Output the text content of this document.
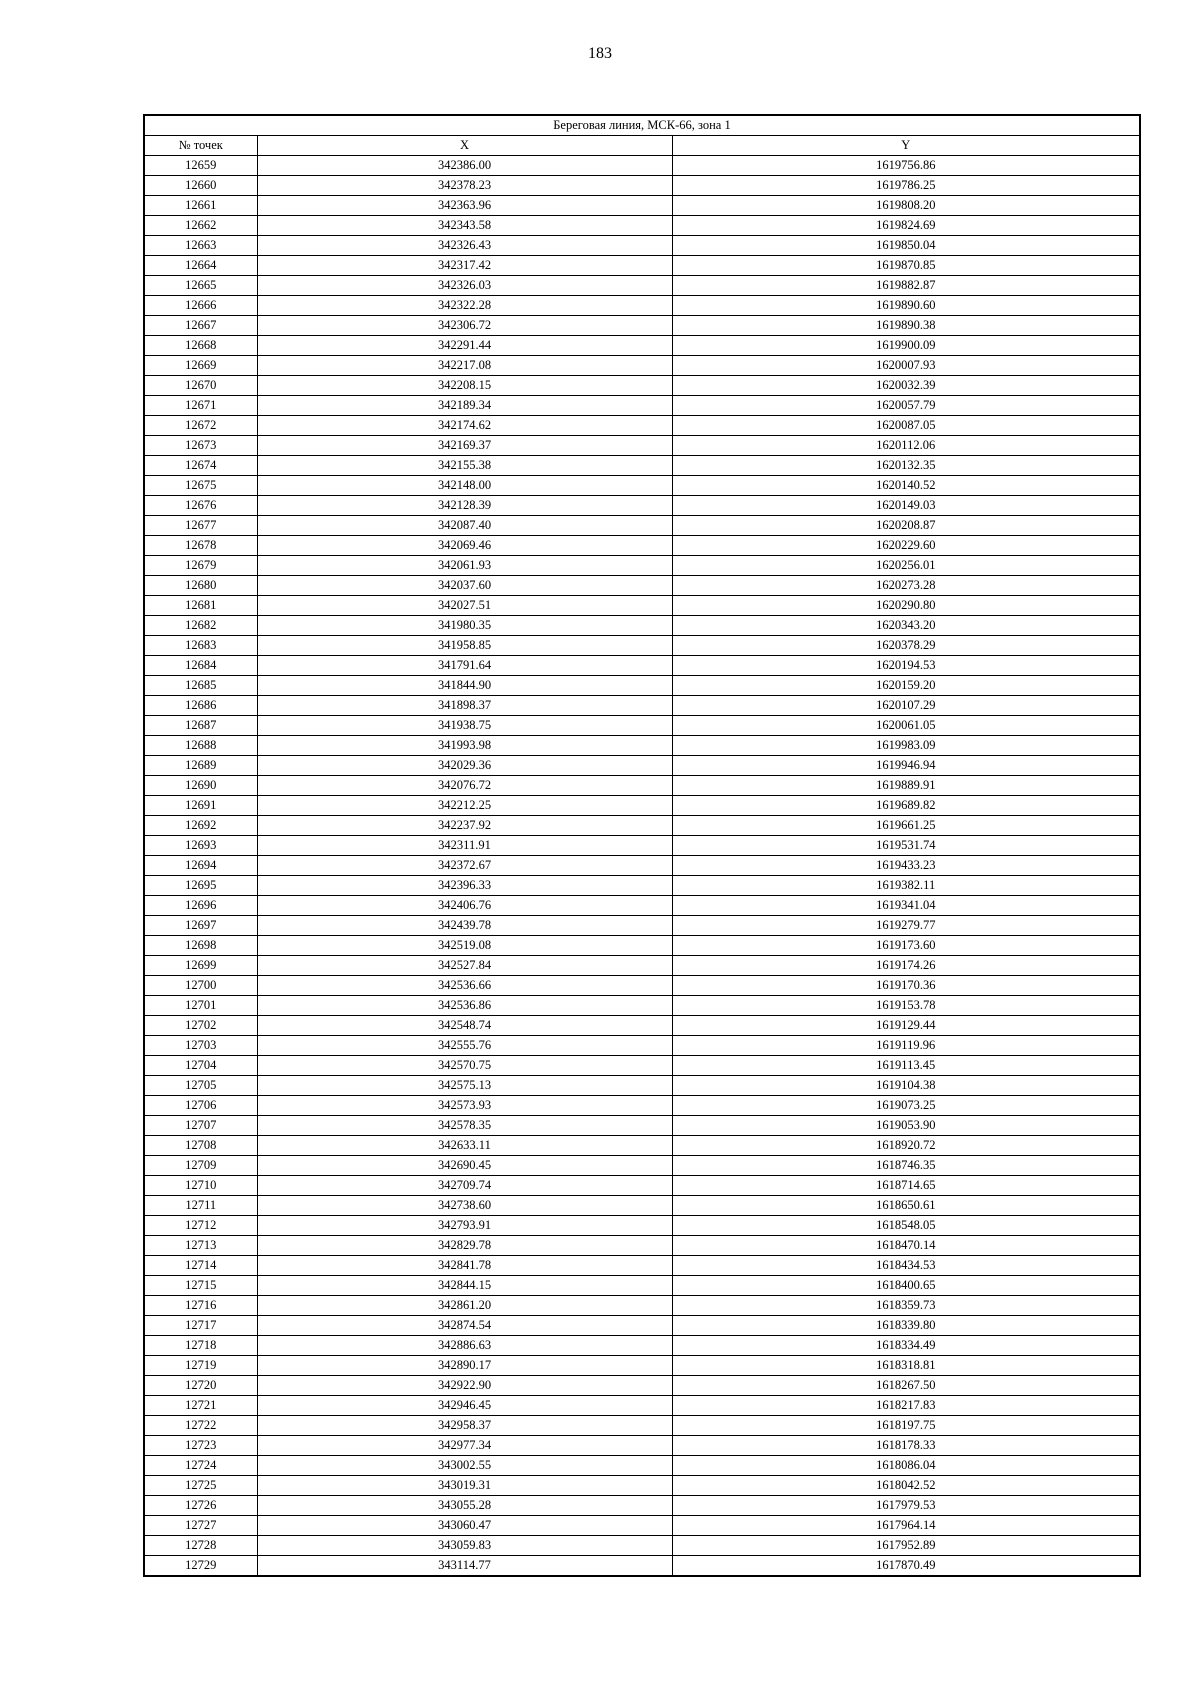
183
Береговая линия, МСК-66, зона 1		
№ точек	X	Y
12659	342386.00	1619756.86
12660	342378.23	1619786.25
12661	342363.96	1619808.20
12662	342343.58	1619824.69
12663	342326.43	1619850.04
12664	342317.42	1619870.85
12665	342326.03	1619882.87
12666	342322.28	1619890.60
12667	342306.72	1619890.38
12668	342291.44	1619900.09
12669	342217.08	1620007.93
12670	342208.15	1620032.39
12671	342189.34	1620057.79
12672	342174.62	1620087.05
12673	342169.37	1620112.06
12674	342155.38	1620132.35
12675	342148.00	1620140.52
12676	342128.39	1620149.03
12677	342087.40	1620208.87
12678	342069.46	1620229.60
12679	342061.93	1620256.01
12680	342037.60	1620273.28
12681	342027.51	1620290.80
12682	341980.35	1620343.20
12683	341958.85	1620378.29
12684	341791.64	1620194.53
12685	341844.90	1620159.20
12686	341898.37	1620107.29
12687	341938.75	1620061.05
12688	341993.98	1619983.09
12689	342029.36	1619946.94
12690	342076.72	1619889.91
12691	342212.25	1619689.82
12692	342237.92	1619661.25
12693	342311.91	1619531.74
12694	342372.67	1619433.23
12695	342396.33	1619382.11
12696	342406.76	1619341.04
12697	342439.78	1619279.77
12698	342519.08	1619173.60
12699	342527.84	1619174.26
12700	342536.66	1619170.36
12701	342536.86	1619153.78
12702	342548.74	1619129.44
12703	342555.76	1619119.96
12704	342570.75	1619113.45
12705	342575.13	1619104.38
12706	342573.93	1619073.25
12707	342578.35	1619053.90
12708	342633.11	1618920.72
12709	342690.45	1618746.35
12710	342709.74	1618714.65
12711	342738.60	1618650.61
12712	342793.91	1618548.05
12713	342829.78	1618470.14
12714	342841.78	1618434.53
12715	342844.15	1618400.65
12716	342861.20	1618359.73
12717	342874.54	1618339.80
12718	342886.63	1618334.49
12719	342890.17	1618318.81
12720	342922.90	1618267.50
12721	342946.45	1618217.83
12722	342958.37	1618197.75
12723	342977.34	1618178.33
12724	343002.55	1618086.04
12725	343019.31	1618042.52
12726	343055.28	1617979.53
12727	343060.47	1617964.14
12728	343059.83	1617952.89
12729	343114.77	1617870.49
